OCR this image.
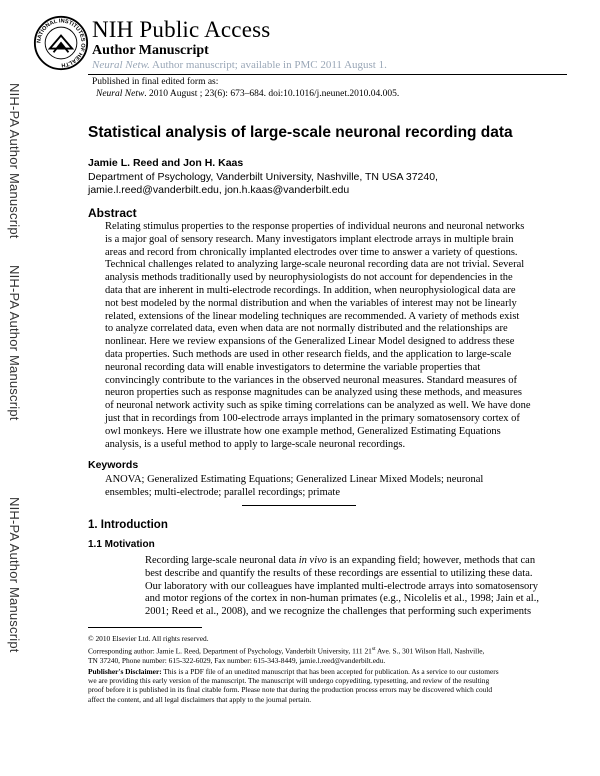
NATIONAL INSTITUTES OF HEALTH
NIH Public Access
Author Manuscript
Neural Netw. Author manuscript; available in PMC 2011 August 1.
Published in final edited form as:
Neural Netw. 2010 August ; 23(6): 673–684. doi:10.1016/j.neunet.2010.04.005.
NIH-PA Author Manuscript
NIH-PA Author Manuscript
NIH-PA Author Manuscript
Statistical analysis of large-scale neuronal recording data
Jamie L. Reed and Jon H. Kaas
Department of Psychology, Vanderbilt University, Nashville, TN USA 37240,
jamie.l.reed@vanderbilt.edu, jon.h.kaas@vanderbilt.edu
Abstract
Relating stimulus properties to the response properties of individual neurons and neuronal networks
is a major goal of sensory research. Many investigators implant electrode arrays in multiple brain
areas and record from chronically implanted electrodes over time to answer a variety of questions.
Technical challenges related to analyzing large-scale neuronal recording data are not trivial. Several
analysis methods traditionally used by neurophysiologists do not account for dependencies in the
data that are inherent in multi-electrode recordings. In addition, when neurophysiological data are
not best modeled by the normal distribution and when the variables of interest may not be linearly
related, extensions of the linear modeling techniques are recommended. A variety of methods exist
to analyze correlated data, even when data are not normally distributed and the relationships are
nonlinear. Here we review expansions of the Generalized Linear Model designed to address these
data properties. Such methods are used in other research fields, and the application to large-scale
neuronal recording data will enable investigators to determine the variable properties that
convincingly contribute to the variances in the observed neuronal measures. Standard measures of
neuron properties such as response magnitudes can be analyzed using these methods, and measures
of neuronal network activity such as spike timing correlations can be analyzed as well. We have done
just that in recordings from 100-electrode arrays implanted in the primary somatosensory cortex of
owl monkeys. Here we illustrate how one example method, Generalized Estimating Equations
analysis, is a useful method to apply to large-scale neuronal recordings.
Keywords
ANOVA; Generalized Estimating Equations; Generalized Linear Mixed Models; neuronal
ensembles; multi-electrode; parallel recordings; primate
1. Introduction
1.1 Motivation
Recording large-scale neuronal data in vivo is an expanding field; however, methods that can
best describe and quantify the results of these recordings are essential to utilizing these data.
Our laboratory with our colleagues have implanted multi-electrode arrays into somatosensory
and motor regions of the cortex in non-human primates (e.g., Nicolelis et al., 1998; Jain et al.,
2001; Reed et al., 2008), and we recognize the challenges that performing such experiments
© 2010 Elsevier Ltd. All rights reserved.
Corresponding author: Jamie L. Reed, Department of Psychology, Vanderbilt University, 111 21st Ave. S., 301 Wilson Hall, Nashville,
TN 37240, Phone number: 615-322-6029, Fax number: 615-343-8449, jamie.l.reed@vanderbilt.edu.
Publisher's Disclaimer: This is a PDF file of an unedited manuscript that has been accepted for publication. As a service to our customers
we are providing this early version of the manuscript. The manuscript will undergo copyediting, typesetting, and review of the resulting
proof before it is published in its final citable form. Please note that during the production process errors may be discovered which could
affect the content, and all legal disclaimers that apply to the journal pertain.
